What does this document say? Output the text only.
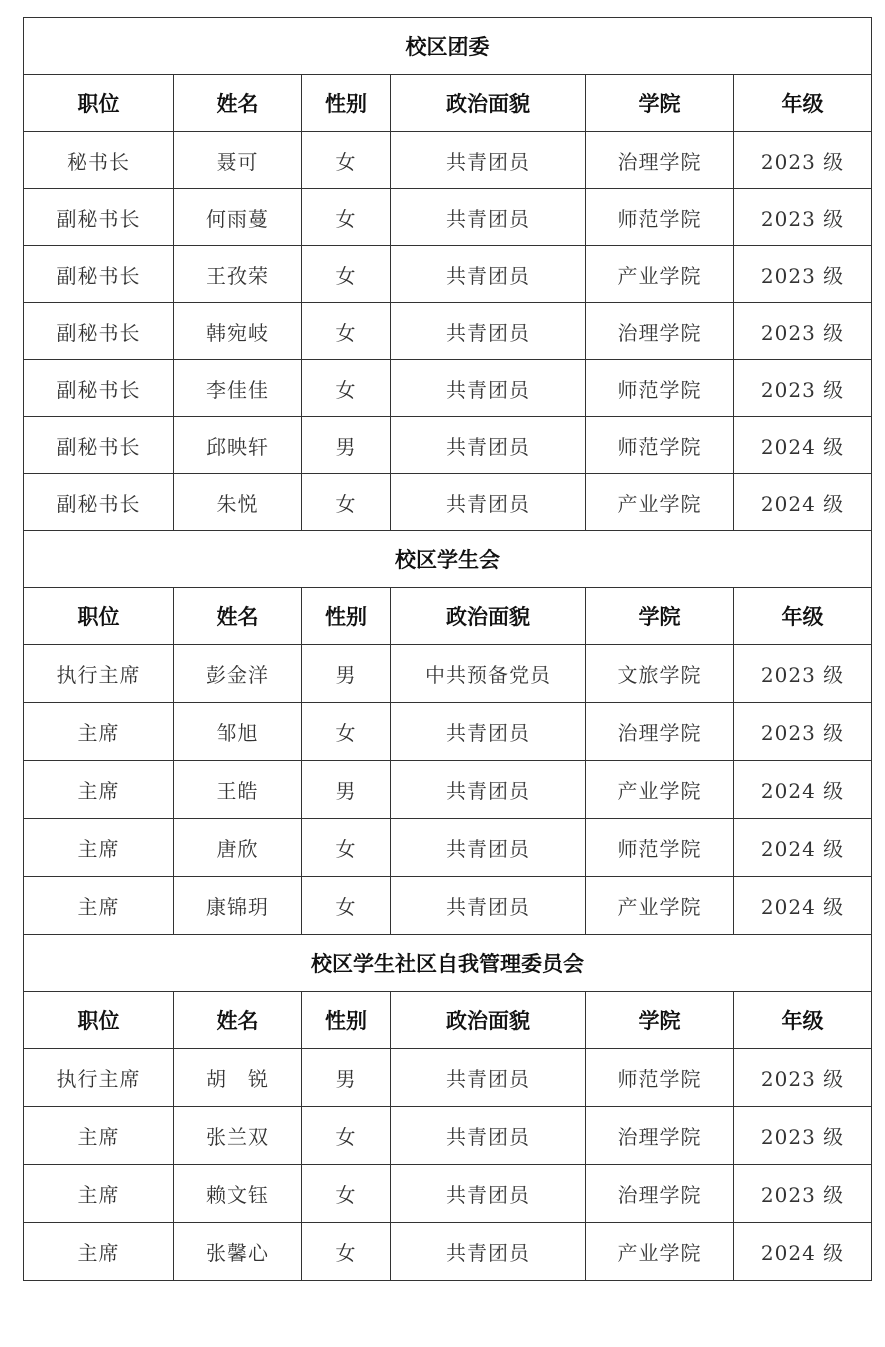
校区团委					
职位	姓名	性别	政治面貌	学院	年级
秘书长	聂可	女	共青团员	治理学院	2023 级
副秘书长	何雨蔓	女	共青团员	师范学院	2023 级
副秘书长	王孜荣	女	共青团员	产业学院	2023 级
副秘书长	韩宛岐	女	共青团员	治理学院	2023 级
副秘书长	李佳佳	女	共青团员	师范学院	2023 级
副秘书长	邱映轩	男	共青团员	师范学院	2024 级
副秘书长	朱悦	女	共青团员	产业学院	2024 级
校区学生会					
职位	姓名	性别	政治面貌	学院	年级
执行主席	彭金洋	男	中共预备党员	文旅学院	2023 级
主席	邹旭	女	共青团员	治理学院	2023 级
主席	王皓	男	共青团员	产业学院	2024 级
主席	唐欣	女	共青团员	师范学院	2024 级
主席	康锦玥	女	共青团员	产业学院	2024 级
校区学生社区自我管理委员会					
职位	姓名	性别	政治面貌	学院	年级
执行主席	胡　锐	男	共青团员	师范学院	2023 级
主席	张兰双	女	共青团员	治理学院	2023 级
主席	赖文钰	女	共青团员	治理学院	2023 级
主席	张馨心	女	共青团员	产业学院	2024 级
